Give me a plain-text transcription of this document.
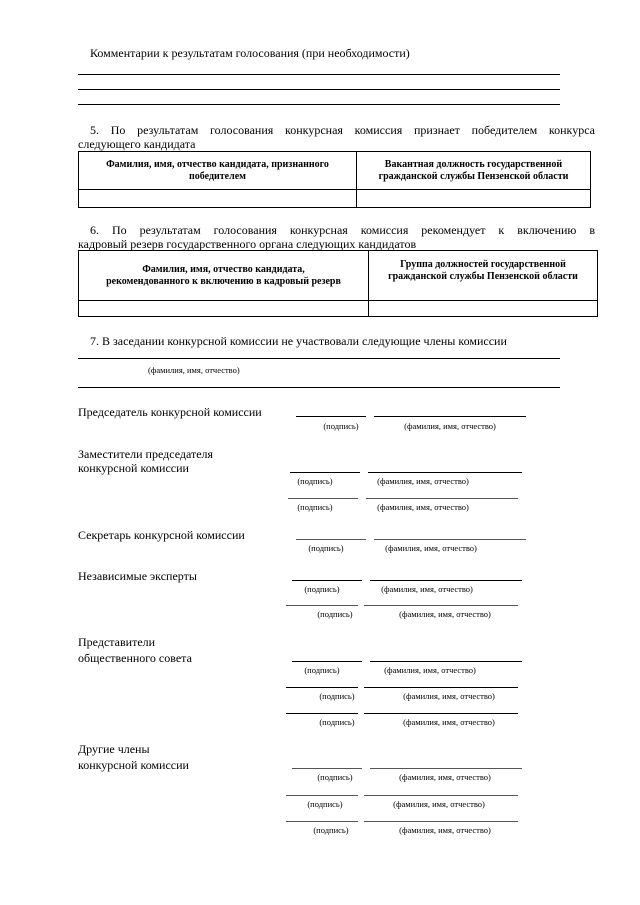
Комментарии к результатам голосования (при необходимости)
5. По результатам голосования конкурсная комиссия признает победителем конкурса
следующего кандидата
Фамилия, имя, отчество кандидата, признанного победителем	Вакантная должность государственной гражданской службы Пензенской области

6. По результатам голосования конкурсная комиссия рекомендует к включению в
кадровый резерв государственного органа следующих кандидатов
Фамилия, имя, отчество кандидата, рекомендованного к включению в кадровый резерв	Группа должностей государственной гражданской службы Пензенской области

7. В заседании конкурсной комиссии не участвовали следующие члены комиссии
(фамилия, имя, отчество)
Председатель конкурсной комиссии
(подпись)	(фамилия, имя, отчество)
Заместители председателя
конкурсной комиссии
(подпись)	(фамилия, имя, отчество)
(подпись)	(фамилия, имя, отчество)
Секретарь конкурсной комиссии
(подпись)	(фамилия, имя, отчество)
Независимые эксперты
(подпись)	(фамилия, имя, отчество)
(подпись)	(фамилия, имя, отчество)
Представители
общественного совета
(подпись)	(фамилия, имя, отчество)
(подпись)	(фамилия, имя, отчество)
(подпись)	(фамилия, имя, отчество)
Другие члены
конкурсной комиссии
(подпись)	(фамилия, имя, отчество)
(подпись)	(фамилия, имя, отчество)
(подпись)	(фамилия, имя, отчество)
